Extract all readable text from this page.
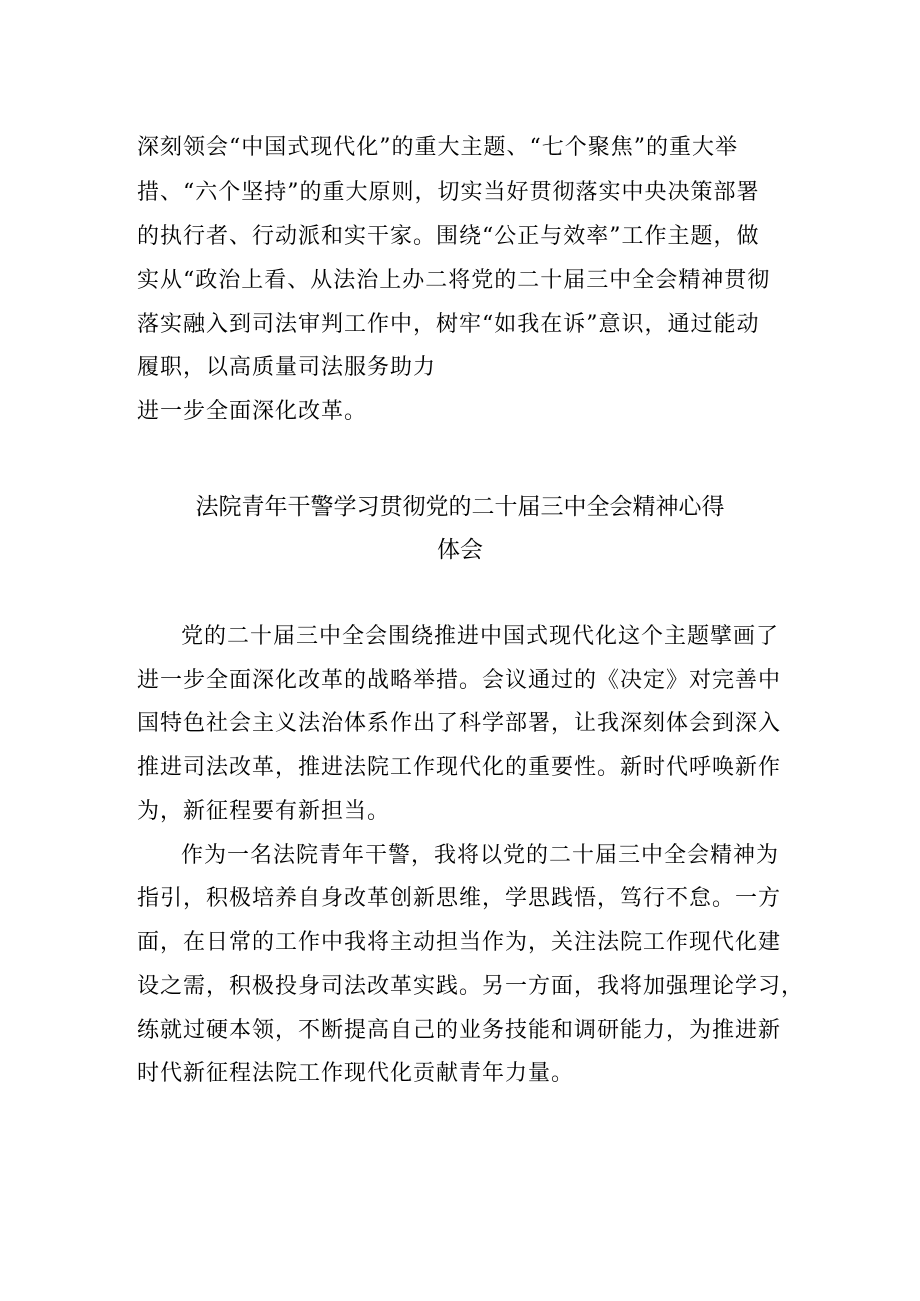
深刻领会“中国式现代化”的重大主题、“七个聚焦”的重大举
措、“六个坚持”的重大原则，切实当好贯彻落实中央决策部署
的执行者、行动派和实干家。围绕“公正与效率”工作主题，做
实从“政治上看、从法治上办二将党的二十届三中全会精神贯彻
落实融入到司法审判工作中，树牢“如我在诉”意识，通过能动
履职，以高质量司法服务助力
进一步全面深化改革。
法院青年干警学习贯彻党的二十届三中全会精神心得
体会
党的二十届三中全会围绕推进中国式现代化这个主题擘画了
进一步全面深化改革的战略举措。会议通过的《决定》对完善中
国特色社会主义法治体系作出了科学部署，让我深刻体会到深入
推进司法改革，推进法院工作现代化的重要性。新时代呼唤新作
为，新征程要有新担当。
作为一名法院青年干警，我将以党的二十届三中全会精神为
指引，积极培养自身改革创新思维，学思践悟，笃行不怠。一方
面，在日常的工作中我将主动担当作为，关注法院工作现代化建
设之需，积极投身司法改革实践。另一方面，我将加强理论学习，
练就过硬本领，不断提高自己的业务技能和调研能力，为推进新
时代新征程法院工作现代化贡献青年力量。
